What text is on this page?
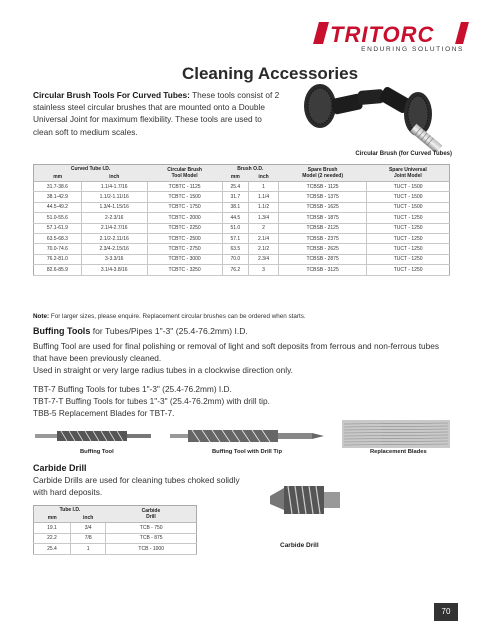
TRITORC
ENDURING SOLUTIONS
Cleaning Accessories
Circular Brush Tools For Curved Tubes: These tools consist of 2 stainless steel circular brushes that are mounted onto a Double Universal Joint for maximum flexibility. These tools are used to clean soft to medium scales.
Circular Brush (for Curved Tubes)
Curved Tube I.D.		Circular Brush
Tool Model	Brush O.D.		Spare Brush
Model (2 needed)	Spare Universal
Joint Model
mm	inch		mm	inch		
31.7-38.6	1.1/4-1.7/16	TCBTC - 1125	25.4	1	TCBSB - 1125	TUCT - 1500
38.1-42.9	1.1/2-1.11/16	TCBTC - 1500	31.7	1.1/4	TCBSB - 1375	TUCT - 1500
44.5-49.2	1.3/4-1.15/16	TCBTC - 1750	38.1	1.1/2	TCBSB - 1625	TUCT - 1500
51.0-55.6	2-2.3/16	TCBTC - 2000	44.5	1.3/4	TCBSB - 1875	TUCT - 1250
57.1-61.9	2.1/4-2.7/16	TCBTC - 2250	51.0	2	TCBSB - 2125	TUCT - 1250
63.5-68.3	2.1/2-2.11/16	TCBTC - 2500	57.1	2.1/4	TCBSB - 2375	TUCT - 1250
70.0-74.6	2.3/4-2.15/16	TCBTC - 2750	63.5	2.1/2	TCBSB - 2625	TUCT - 1250
76.2-81.0	3-3.3/16	TCBTC - 3000	70.0	2.3/4	TCBSB - 2875	TUCT - 1250
82.6-85.9	3.1/4-3.8/16	TCBTC - 3250	76.2	3	TCBSB - 3125	TUCT - 1250
Note: For larger sizes, please enquire. Replacement circular brushes can be ordered when starts.
Buffing Tools for Tubes/Pipes 1"-3" (25.4-76.2mm) I.D.
Buffing Tool are used for final polishing or removal of light and soft deposits from ferrous and non-ferrous tubes that have been previously cleaned.
Used in straight or very large radius tubes in a clockwise direction only.
TBT-7 Buffing Tools for tubes 1"-3" (25.4-76.2mm) I.D.
TBT-7-T Buffing Tools for tubes 1"-3" (25.4-76.2mm) with drill tip.
TBB-5 Replacement Blades for TBT-7.
Buffing Tool	Buffing Tool with Drill Tip	Replacement Blades
Carbide Drill
Carbide Drills are used for cleaning tubes choked solidly with hard deposits.
Tube I.D.		Carbide
Drill
mm	inch	
19.1	3/4	TCB - 750
22.2	7/8	TCB - 875
25.4	1	TCB - 1000	Carbide Drill
70
